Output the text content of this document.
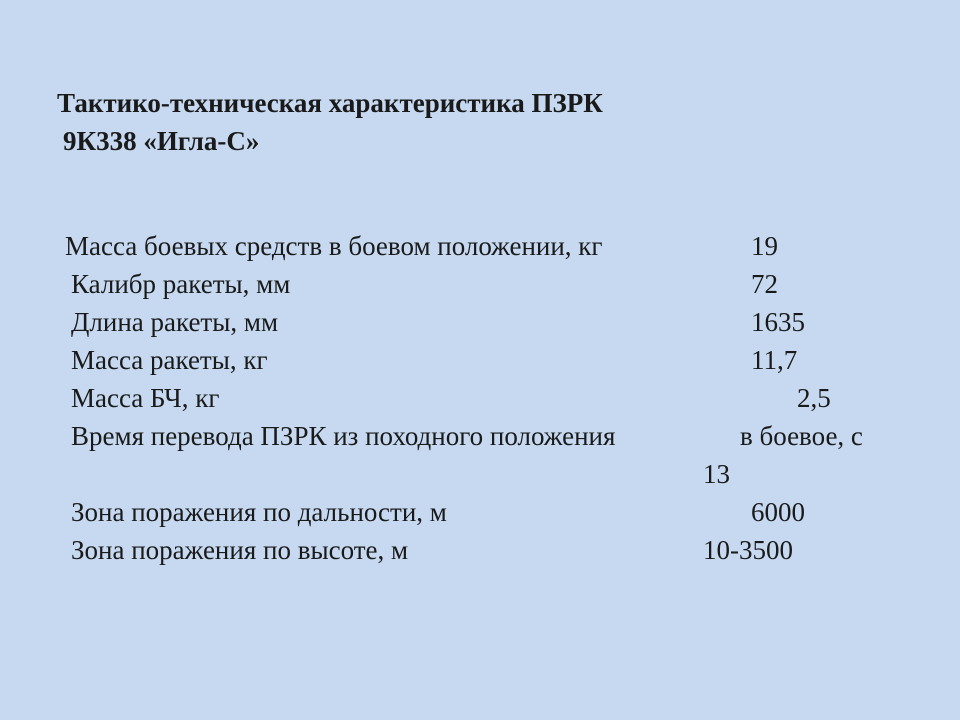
Тактико-техническая характеристика ПЗРК
9К338 «Игла-С»
Масса боевых средств в боевом положении, кг	19
Калибр ракеты, мм	72
Длина ракеты, мм	1635
Масса ракеты, кг	11,7
Масса БЧ, кг	2,5
Время перевода ПЗРК из походного положения	в боевое, с
13
Зона поражения по дальности, м	6000
Зона поражения по высоте, м	10-3500
